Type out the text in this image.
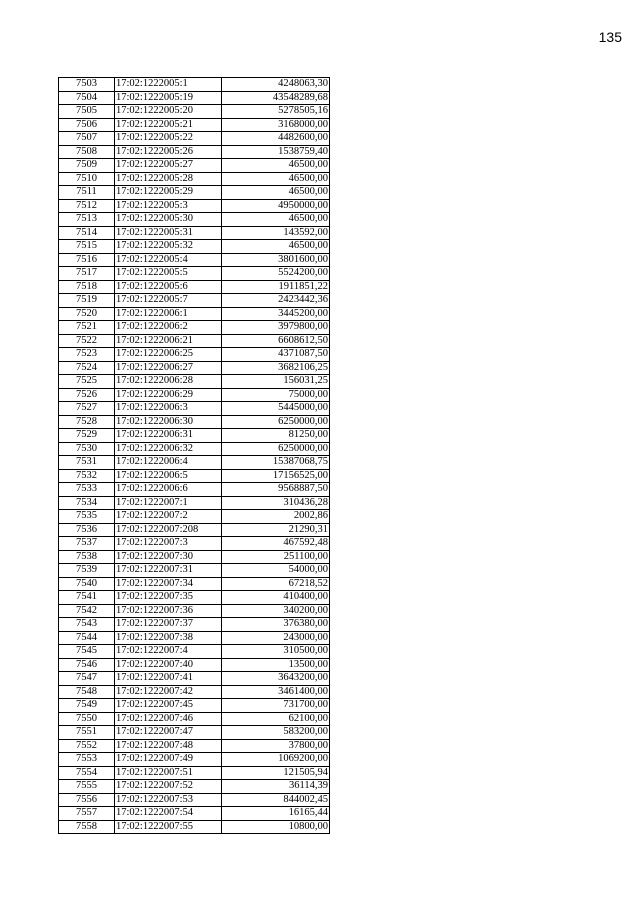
135
7503	17:02:1222005:1	4248063,30
7504	17:02:1222005:19	43548289,68
7505	17:02:1222005:20	5278505,16
7506	17:02:1222005:21	3168000,00
7507	17:02:1222005:22	4482600,00
7508	17:02:1222005:26	1538759,40
7509	17:02:1222005:27	46500,00
7510	17:02:1222005:28	46500,00
7511	17:02:1222005:29	46500,00
7512	17:02:1222005:3	4950000,00
7513	17:02:1222005:30	46500,00
7514	17:02:1222005:31	143592,00
7515	17:02:1222005:32	46500,00
7516	17:02:1222005:4	3801600,00
7517	17:02:1222005:5	5524200,00
7518	17:02:1222005:6	1911851,22
7519	17:02:1222005:7	2423442,36
7520	17:02:1222006:1	3445200,00
7521	17:02:1222006:2	3979800,00
7522	17:02:1222006:21	6608612,50
7523	17:02:1222006:25	4371087,50
7524	17:02:1222006:27	3682106,25
7525	17:02:1222006:28	156031,25
7526	17:02:1222006:29	75000,00
7527	17:02:1222006:3	5445000,00
7528	17:02:1222006:30	6250000,00
7529	17:02:1222006:31	81250,00
7530	17:02:1222006:32	6250000,00
7531	17:02:1222006:4	15387068,75
7532	17:02:1222006:5	17156525,00
7533	17:02:1222006:6	9568887,50
7534	17:02:1222007:1	310436,28
7535	17:02:1222007:2	2002,86
7536	17:02:1222007:208	21290,31
7537	17:02:1222007:3	467592,48
7538	17:02:1222007:30	251100,00
7539	17:02:1222007:31	54000,00
7540	17:02:1222007:34	67218,52
7541	17:02:1222007:35	410400,00
7542	17:02:1222007:36	340200,00
7543	17:02:1222007:37	376380,00
7544	17:02:1222007:38	243000,00
7545	17:02:1222007:4	310500,00
7546	17:02:1222007:40	13500,00
7547	17:02:1222007:41	3643200,00
7548	17:02:1222007:42	3461400,00
7549	17:02:1222007:45	731700,00
7550	17:02:1222007:46	62100,00
7551	17:02:1222007:47	583200,00
7552	17:02:1222007:48	37800,00
7553	17:02:1222007:49	1069200,00
7554	17:02:1222007:51	121505,94
7555	17:02:1222007:52	36114,39
7556	17:02:1222007:53	844002,45
7557	17:02:1222007:54	16165,44
7558	17:02:1222007:55	10800,00
